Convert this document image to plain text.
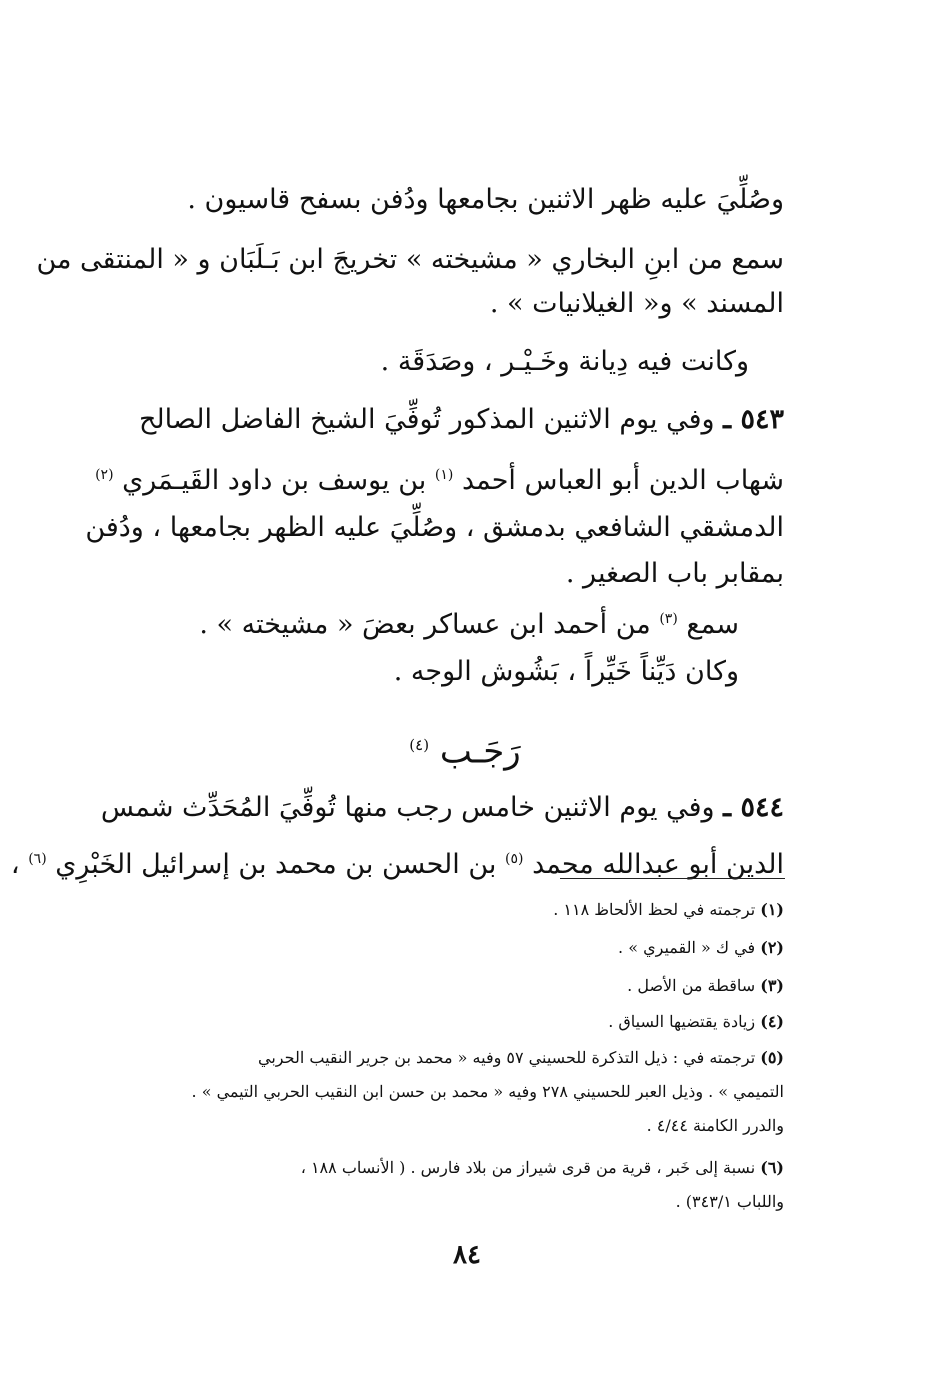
وصُلِّيَ عليه ظهر الاثنين بجامعها ودُفن بسفح قاسيون .
سمع من ابنِ البخاري « مشيخته » تخريجَ ابن بَـلَبَان و « المنتقى من
المسند » و« الغيلانيات » .
وكانت فيه دِيانة وخَـيْـر ، وصَدَقَة .
٥٤٣ ـ وفي يوم الاثنين المذكور تُوفِّيَ الشيخ الفاضل الصالح
شهاب الدين أبو العباس أحمد $^{(١)}$ بن يوسف بن داود القَيـمَري $^{(٢)}$
الدمشقي الشافعي بدمشق ، وصُلِّيَ عليه الظهر بجامعها ، ودُفن
بمقابر باب الصغير .
سمع $^{(٣)}$ من أحمد ابن عساكر بعضَ « مشيخته » .
وكان دَيِّناً خَيِّراً ، بَشُوش الوجه .
رَجَـب $^{(٤)}$
٥٤٤ ـ وفي يوم الاثنين خامس رجب منها تُوفِّيَ المُحَدِّث شمس
الدين أبو عبدالله محمد $^{(٥)}$ بن الحسن بن محمد بن إسرائيل الخَبْرِي $^{(٦)}$ ،
(١) ترجمته في لحظ الألحاظ ١١٨ .
(٢) في ك « القميري » .
(٣) ساقطة من الأصل .
(٤) زيادة يقتضيها السياق .
(٥) ترجمته في : ذيل التذكرة للحسيني ٥٧ وفيه « محمد بن جرير النقيب الحربي
التميمي » . وذيل العبر للحسيني ٢٧٨ وفيه « محمد بن حسن ابن النقيب الحربي التيمي » .
والدرر الكامنة ٤/٤٤ .
(٦) نسبة إلى خَبر ، قرية من قرى شيراز من بلاد فارس . ( الأنساب ١٨٨ ،
واللباب ٣٤٣/١) .
٨٤
